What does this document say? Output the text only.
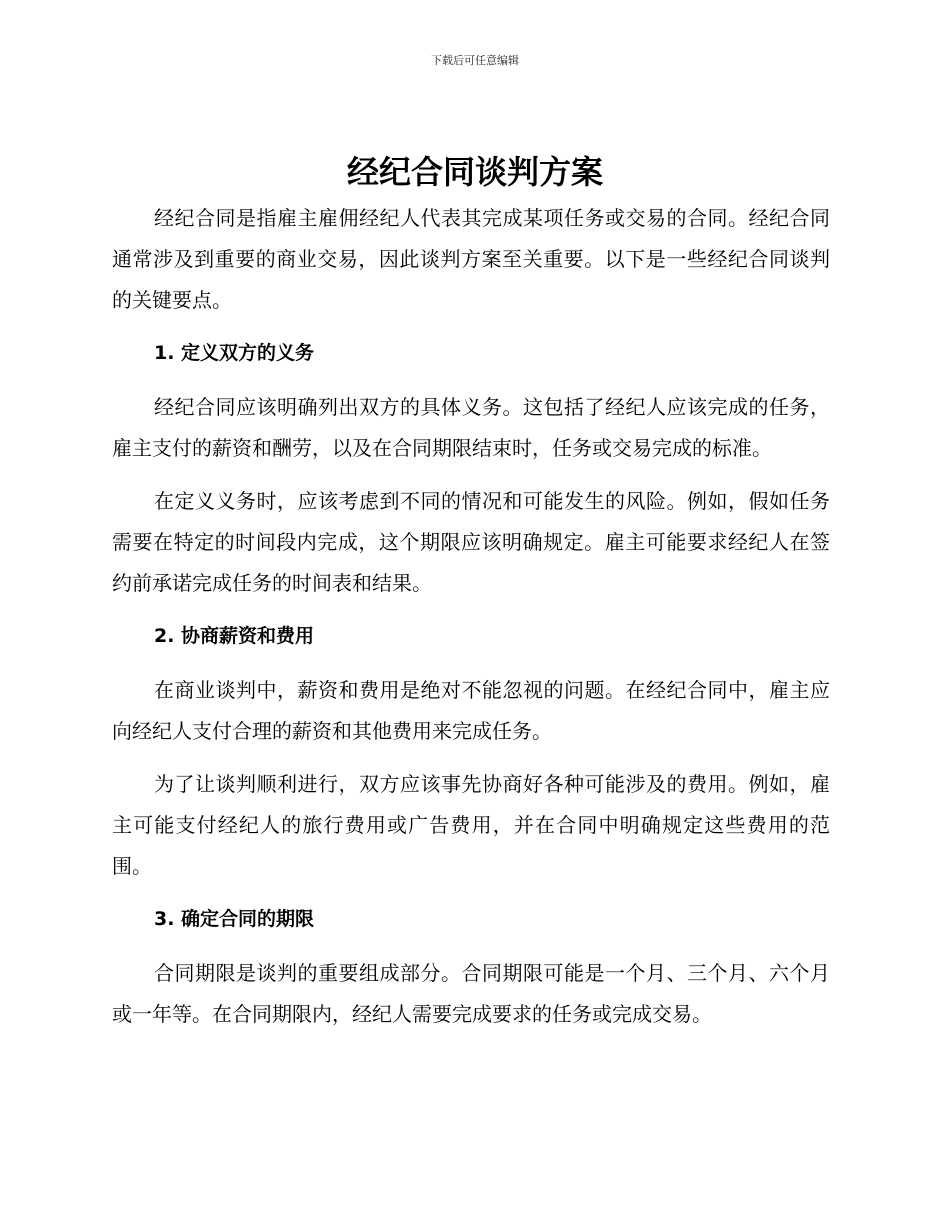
下载后可任意编辑
经纪合同谈判方案

经纪合同是指雇主雇佣经纪人代表其完成某项任务或交易的合同。经纪合同通常涉及到重要的商业交易，因此谈判方案至关重要。以下是一些经纪合同谈判的关键要点。

1. 定义双方的义务

经纪合同应该明确列出双方的具体义务。这包括了经纪人应该完成的任务，雇主支付的薪资和酬劳，以及在合同期限结束时，任务或交易完成的标准。

在定义义务时，应该考虑到不同的情况和可能发生的风险。例如，假如任务需要在特定的时间段内完成，这个期限应该明确规定。雇主可能要求经纪人在签约前承诺完成任务的时间表和结果。

2. 协商薪资和费用

在商业谈判中，薪资和费用是绝对不能忽视的问题。在经纪合同中，雇主应向经纪人支付合理的薪资和其他费用来完成任务。

为了让谈判顺利进行，双方应该事先协商好各种可能涉及的费用。例如，雇主可能支付经纪人的旅行费用或广告费用，并在合同中明确规定这些费用的范围。

3. 确定合同的期限

合同期限是谈判的重要组成部分。合同期限可能是一个月、三个月、六个月或一年等。在合同期限内，经纪人需要完成要求的任务或完成交易。
